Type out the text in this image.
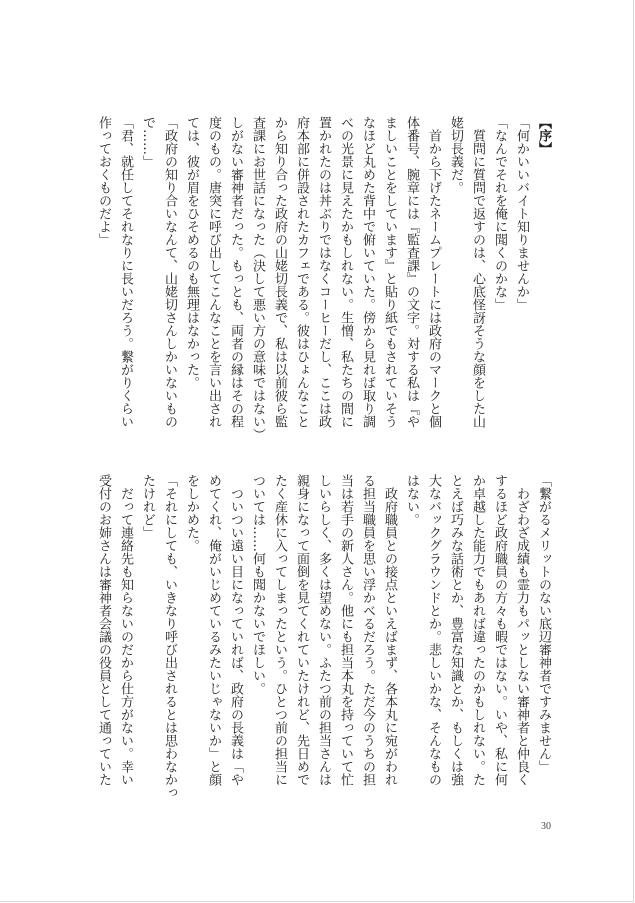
【序】
「何かいいバイト知りませんか」
「なんでそれを俺に聞くのかな」
　質問に質問で返すのは、心底怪訝そうな顔をした山
姥切長義だ。
　首から下げたネームプレートには政府のマークと個
体番号、腕章には『監査課』の文字。対する私は『や
ましいことをしています』と貼り紙でもされていそう
なほど丸めた背中で俯いていた。傍から見れば取り調
べの光景に見えたかもしれない。生憎、私たちの間に
置かれたのは丼ぶりではなくコーヒーだし、ここは政
府本部に併設されたカフェである。彼はひょんなこと
から知り合った政府の山姥切長義で、私は以前彼ら監
査課にお世話になった（決して悪い方の意味ではない）
しがない審神者だった。もっとも、両者の縁はその程
度のもの。唐突に呼び出してこんなことを言い出され
ては、彼が眉をひそめるのも無理はなかった。
「政府の知り合いなんて、山姥切さんしかいないもの
で……」
「君、就任してそれなりに長いだろう。繋がりくらい
作っておくものだよ」
「繋がるメリットのない底辺審神者ですみません」
　わざわざ成績も霊力もパッとしない審神者と仲良く
するほど政府職員の方々も暇ではない。いや、私に何
か卓越した能力でもあれば違ったのかもしれない。た
とえば巧みな話術とか、豊富な知識とか、もしくは強
大なバックグラウンドとか。悲しいかな、そんなもの
はない。
　政府職員との接点といえばまず、各本丸に宛がわれ
る担当職員を思い浮かべるだろう。ただ今のうちの担
当は若手の新人さん。他にも担当本丸を持っていて忙
しいらしく、多くは望めない。ふたつ前の担当さんは
親身になって面倒を見てくれていたけれど、先日めで
たく産休に入ってしまったという。ひとつ前の担当に
ついては……何も聞かないでほしい。
　ついつい遠い目になっていれば、政府の長義は「や
めてくれ、俺がいじめているみたいじゃないか」と顔
をしかめた。
「それにしても、いきなり呼び出されるとは思わなかっ
たけれど」
　だって連絡先も知らないのだから仕方がない。幸い
受付のお姉さんは審神者会議の役員として通っていた
30
